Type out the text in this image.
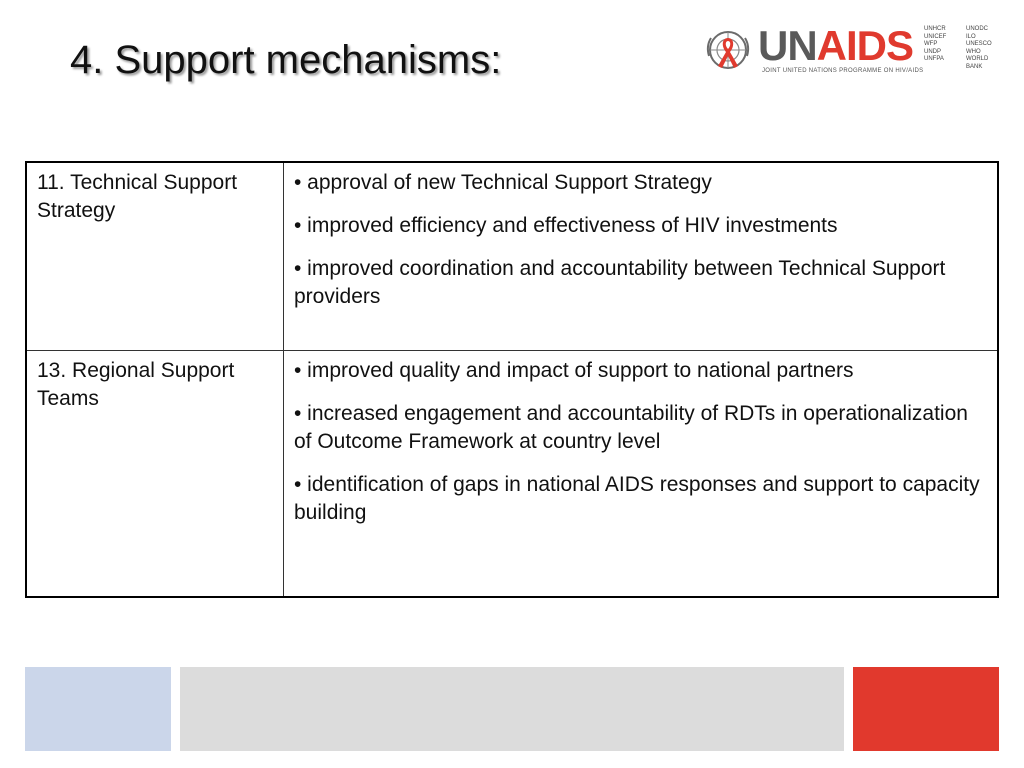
4. Support mechanisms:	UNAIDS
JOINT UNITED NATIONS PROGRAMME ON HIV/AIDS
UNHCR
UNICEF
WFP
UNDP
UNFPA
UNODC
ILO
UNESCO
WHO
WORLD BANK
11. Technical Support Strategy	• approval of new Technical Support Strategy
• improved efficiency and effectiveness of HIV investments
• improved coordination and accountability between Technical Support providers

13. Regional Support Teams	• improved quality and impact of support to national partners
• increased engagement and accountability of RDTs in operationalization of Outcome Framework at country level
• identification of gaps in national AIDS responses and support to capacity building
